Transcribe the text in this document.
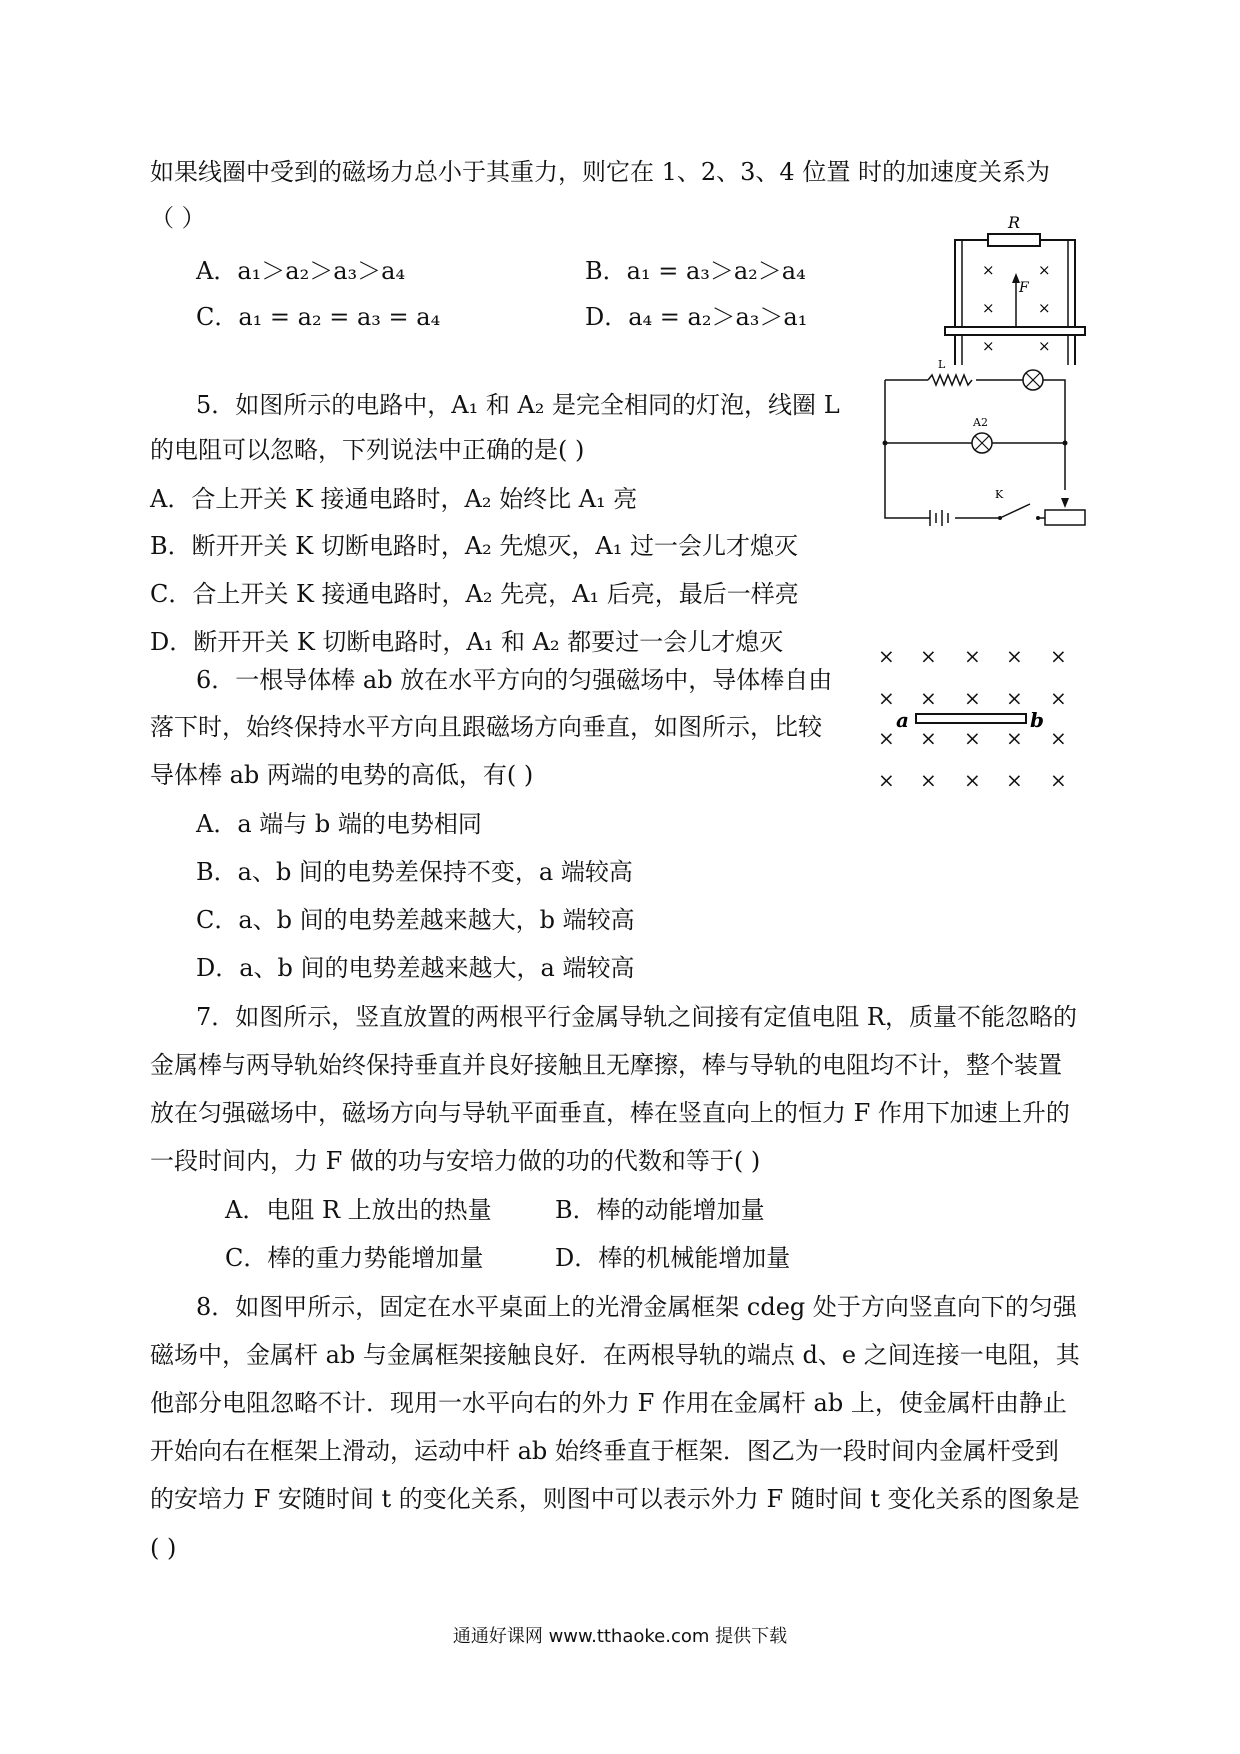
如果线圈中受到的磁场力总小于其重力，则它在 1、2、3、4 位置 时的加速度关系为
（ ）
A．a₁＞a₂＞a₃＞a₄	B．a₁ = a₃＞a₂＞a₄
C．a₁ = a₂ = a₃ = a₄	D．a₄ = a₂＞a₃＞a₁
R
×	×
×	×
×	×
F
L
A2
K
5．如图所示的电路中，A₁ 和 A₂ 是完全相同的灯泡，线圈 L
的电阻可以忽略，下列说法中正确的是( )
A．合上开关 K 接通电路时，A₂ 始终比 A₁ 亮
B．断开开关 K 切断电路时，A₂ 先熄灭，A₁ 过一会儿才熄灭
C．合上开关 K 接通电路时，A₂ 先亮，A₁ 后亮，最后一样亮
D．断开开关 K 切断电路时，A₁ 和 A₂ 都要过一会儿才熄灭	× × × × ×
× × × × ×
× × × × ×
× × × × ×
a	b
6．一根导体棒 ab 放在水平方向的匀强磁场中，导体棒自由
落下时，始终保持水平方向且跟磁场方向垂直，如图所示，比较
导体棒 ab 两端的电势的高低，有( )
A．a 端与 b 端的电势相同
B．a、b 间的电势差保持不变，a 端较高
C．a、b 间的电势差越来越大，b 端较高
D．a、b 间的电势差越来越大，a 端较高
7．如图所示，竖直放置的两根平行金属导轨之间接有定值电阻 R，质量不能忽略的
金属棒与两导轨始终保持垂直并良好接触且无摩擦，棒与导轨的电阻均不计，整个装置
放在匀强磁场中，磁场方向与导轨平面垂直，棒在竖直向上的恒力 F 作用下加速上升的
一段时间内，力 F 做的功与安培力做的功的代数和等于( )
A．电阻 R 上放出的热量	B．棒的动能增加量
C．棒的重力势能增加量	D．棒的机械能增加量
8．如图甲所示，固定在水平桌面上的光滑金属框架 cdeg 处于方向竖直向下的匀强
磁场中，金属杆 ab 与金属框架接触良好．在两根导轨的端点 d、e 之间连接一电阻，其
他部分电阻忽略不计．现用一水平向右的外力 F 作用在金属杆 ab 上，使金属杆由静止
开始向右在框架上滑动，运动中杆 ab 始终垂直于框架．图乙为一段时间内金属杆受到
的安培力 F 安随时间 t 的变化关系，则图中可以表示外力 F 随时间 t 变化关系的图象是
( )
通通好课网 www.tthaoke.com 提供下载
